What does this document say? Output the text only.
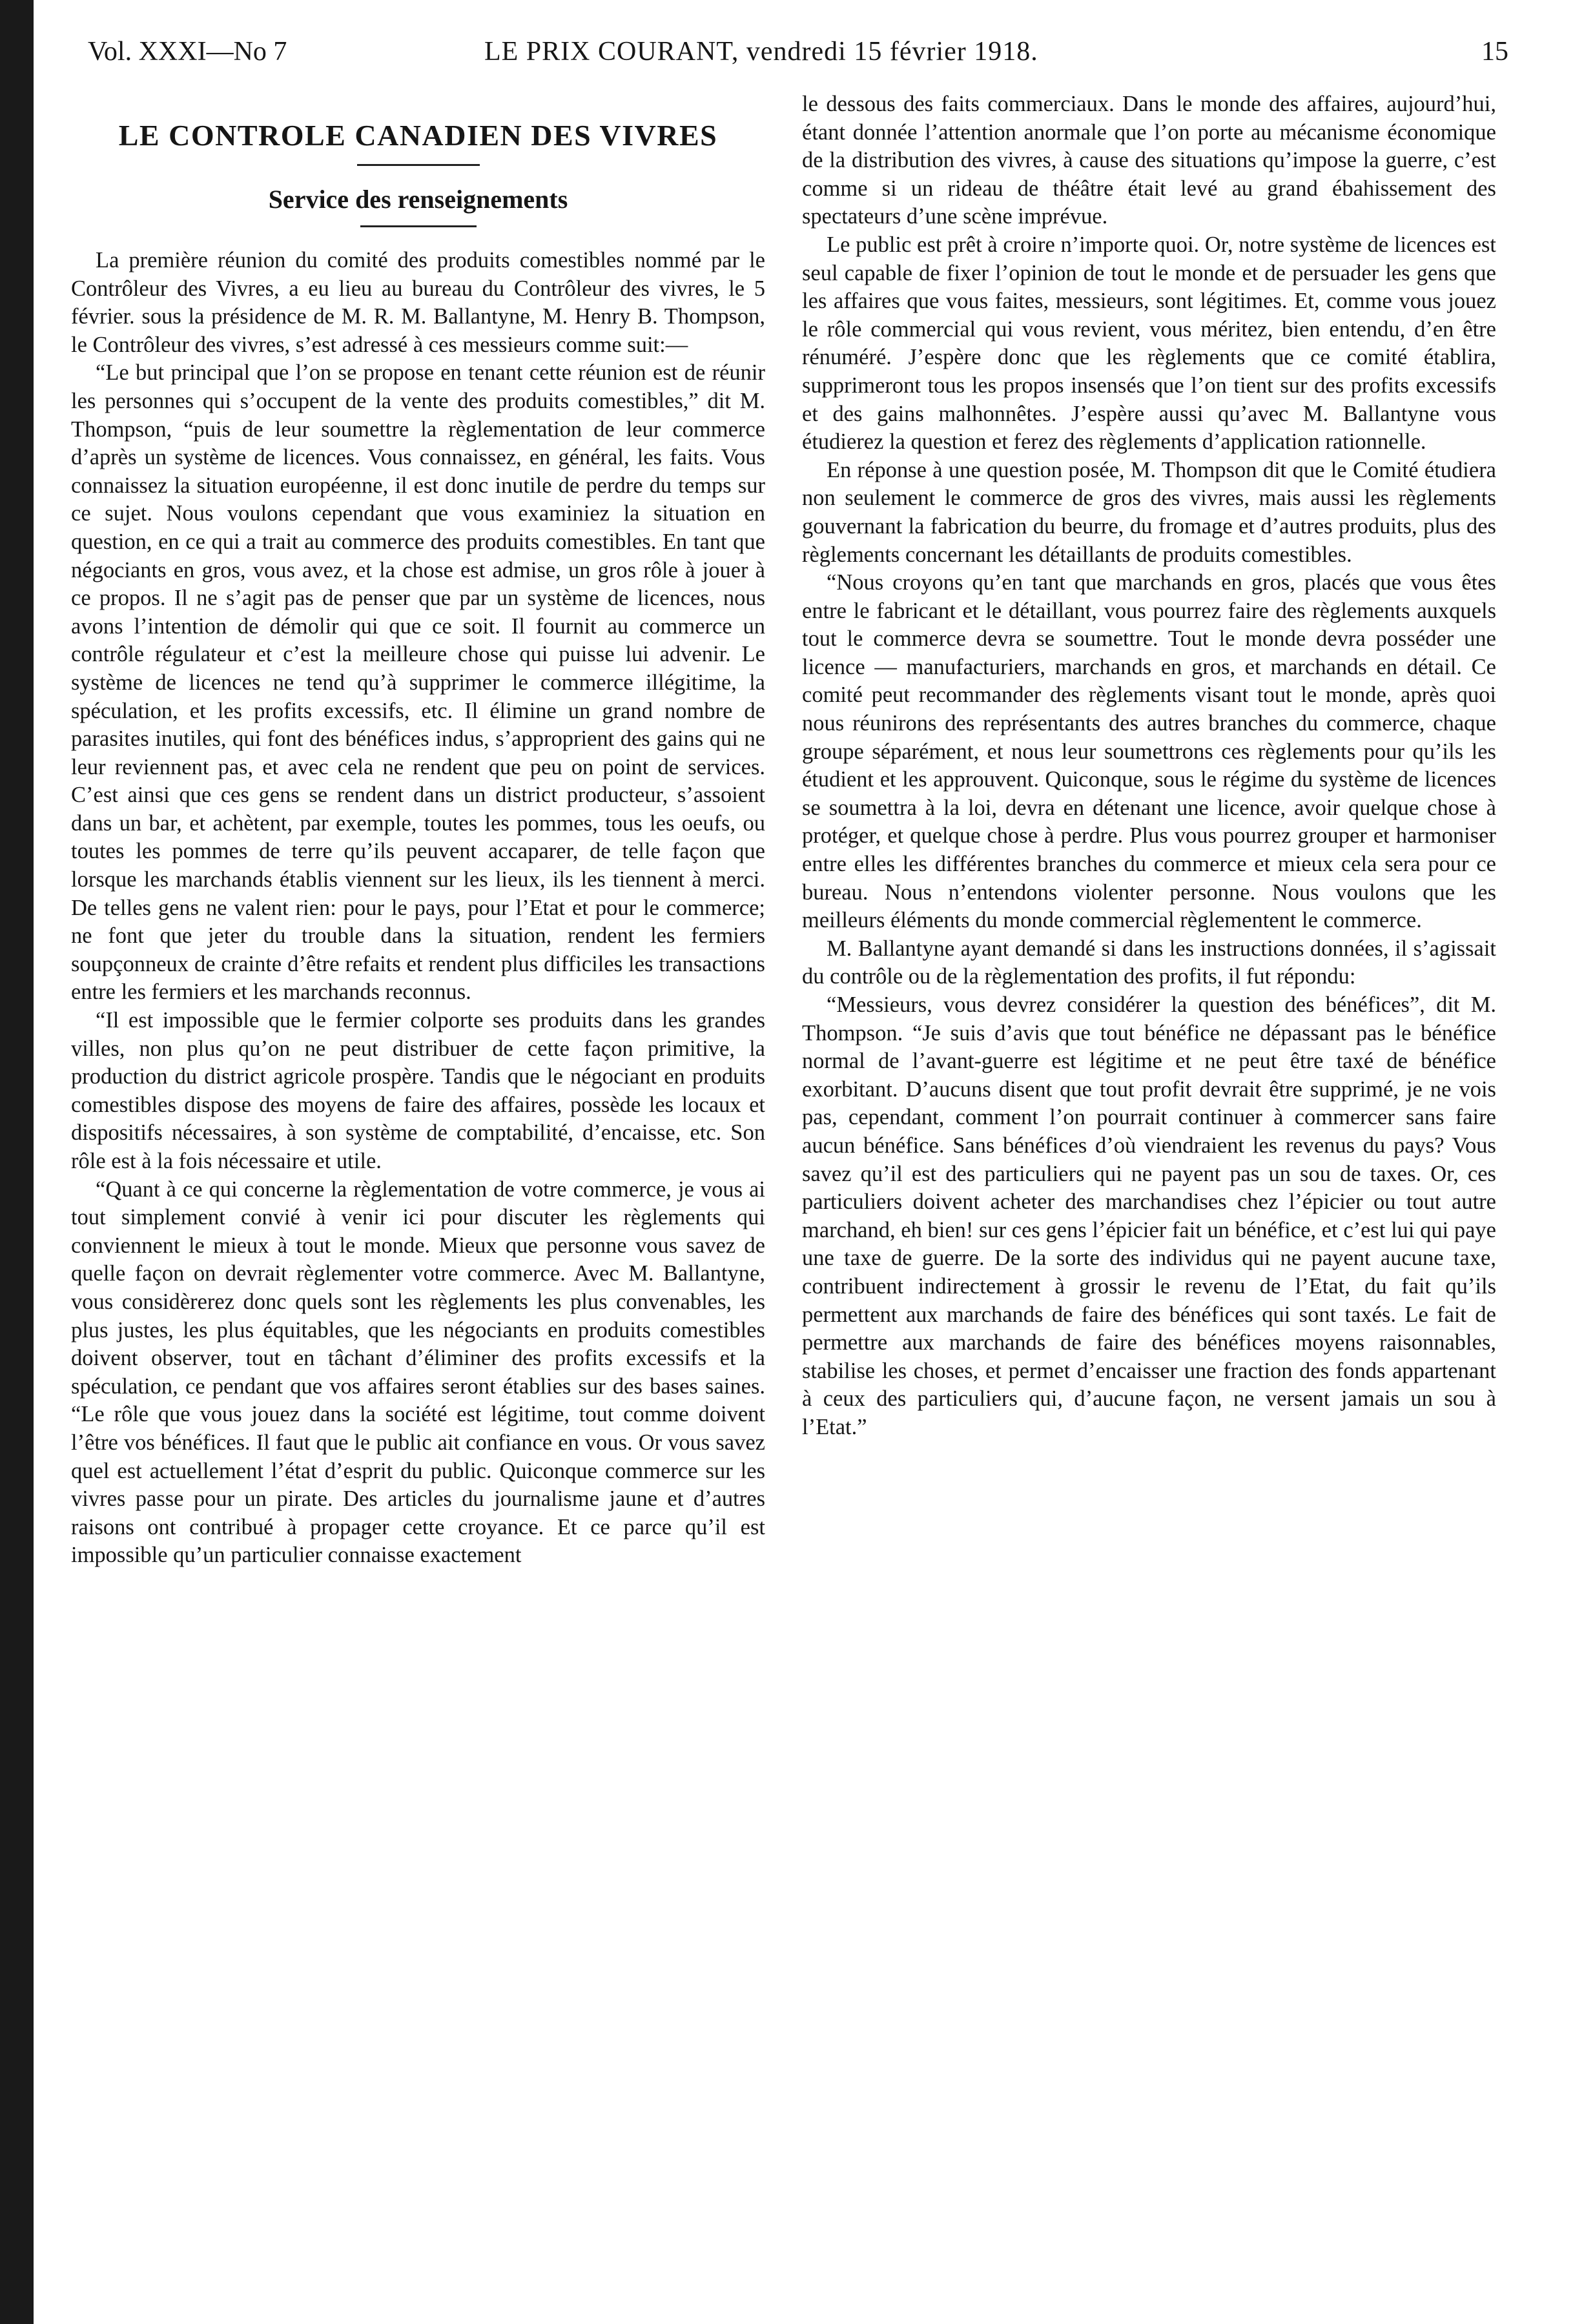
Vol. XXXI—No 7	LE PRIX COURANT, vendredi 15 février 1918.	15
LE CONTROLE CANADIEN DES VIVRES
Service des renseignements

La première réunion du comité des produits comestibles nommé par le Contrôleur des Vivres, a eu lieu au bureau du Contrôleur des vivres, le 5 février. sous la présidence de M. R. M. Ballantyne, M. Henry B. Thompson, le Contrôleur des vivres, s’est adressé à ces messieurs comme suit:—

“Le but principal que l’on se propose en tenant cette réunion est de réunir les personnes qui s’occupent de la vente des produits comestibles,” dit M. Thompson, “puis de leur soumettre la règlementation de leur commerce d’après un système de licences. Vous connaissez, en général, les faits. Vous connaissez la situation européenne, il est donc inutile de perdre du temps sur ce sujet. Nous voulons cependant que vous examiniez la situation en question, en ce qui a trait au commerce des produits comestibles. En tant que négociants en gros, vous avez, et la chose est admise, un gros rôle à jouer à ce propos. Il ne s’agit pas de penser que par un système de licences, nous avons l’intention de démolir qui que ce soit. Il fournit au commerce un contrôle régulateur et c’est la meilleure chose qui puisse lui advenir. Le système de licences ne tend qu’à supprimer le commerce illégitime, la spéculation, et les profits excessifs, etc. Il élimine un grand nombre de parasites inutiles, qui font des bénéfices indus, s’approprient des gains qui ne leur reviennent pas, et avec cela ne rendent que peu on point de services. C’est ainsi que ces gens se rendent dans un district producteur, s’assoient dans un bar, et achètent, par exemple, toutes les pommes, tous les oeufs, ou toutes les pommes de terre qu’ils peuvent accaparer, de telle façon que lorsque les marchands établis viennent sur les lieux, ils les tiennent à merci. De telles gens ne valent rien: pour le pays, pour l’Etat et pour le commerce; ne font que jeter du trouble dans la situation, rendent les fermiers soupçonneux de crainte d’être refaits et rendent plus difficiles les transactions entre les fermiers et les marchands reconnus.

“Il est impossible que le fermier colporte ses produits dans les grandes villes, non plus qu’on ne peut distribuer de cette façon primitive, la production du district agricole prospère. Tandis que le négociant en produits comestibles dispose des moyens de faire des affaires, possède les locaux et dispositifs nécessaires, à son système de comptabilité, d’encaisse, etc. Son rôle est à la fois nécessaire et utile.

“Quant à ce qui concerne la règlementation de votre commerce, je vous ai tout simplement convié à venir ici pour discuter les règlements qui conviennent le mieux à tout le monde. Mieux que personne vous savez de quelle façon on devrait règlementer votre commerce. Avec M. Ballantyne, vous considèrerez donc quels sont les règlements les plus convenables, les plus justes, les plus équitables, que les négociants en produits comestibles doivent observer, tout en tâchant d’éliminer des profits excessifs et la spéculation, ce pendant que vos affaires seront établies sur des bases saines. “Le rôle que vous jouez dans la société est légitime, tout comme doivent l’être vos bénéfices. Il faut que le public ait confiance en vous. Or vous savez quel est actuellement l’état d’esprit du public. Quiconque commerce sur les vivres passe pour un pirate. Des articles du journalisme jaune et d’autres raisons ont contribué à propager cette croyance. Et ce parce qu’il est impossible qu’un particulier connaisse exactement

le dessous des faits commerciaux. Dans le monde des affaires, aujourd’hui, étant donnée l’attention anormale que l’on porte au mécanisme économique de la distribution des vivres, à cause des situations qu’impose la guerre, c’est comme si un rideau de théâtre était levé au grand ébahissement des spectateurs d’une scène imprévue.

Le public est prêt à croire n’importe quoi. Or, notre système de licences est seul capable de fixer l’opinion de tout le monde et de persuader les gens que les affaires que vous faites, messieurs, sont légitimes. Et, comme vous jouez le rôle commercial qui vous revient, vous méritez, bien entendu, d’en être rénuméré. J’espère donc que les règlements que ce comité établira, supprimeront tous les propos insensés que l’on tient sur des profits excessifs et des gains malhonnêtes. J’espère aussi qu’avec M. Ballantyne vous étudierez la question et ferez des règlements d’application rationnelle.

En réponse à une question posée, M. Thompson dit que le Comité étudiera non seulement le commerce de gros des vivres, mais aussi les règlements gouvernant la fabrication du beurre, du fromage et d’autres produits, plus des règlements concernant les détaillants de produits comestibles.

“Nous croyons qu’en tant que marchands en gros, placés que vous êtes entre le fabricant et le détaillant, vous pourrez faire des règlements auxquels tout le commerce devra se soumettre. Tout le monde devra posséder une licence — manufacturiers, marchands en gros, et marchands en détail. Ce comité peut recommander des règlements visant tout le monde, après quoi nous réunirons des représentants des autres branches du commerce, chaque groupe séparément, et nous leur soumettrons ces règlements pour qu’ils les étudient et les approuvent. Quiconque, sous le régime du système de licences se soumettra à la loi, devra en détenant une licence, avoir quelque chose à protéger, et quelque chose à perdre. Plus vous pourrez grouper et harmoniser entre elles les différentes branches du commerce et mieux cela sera pour ce bureau. Nous n’entendons violenter personne. Nous voulons que les meilleurs éléments du monde commercial règlementent le commerce.

M. Ballantyne ayant demandé si dans les instructions données, il s’agissait du contrôle ou de la règlementation des profits, il fut répondu:

“Messieurs, vous devrez considérer la question des bénéfices”, dit M. Thompson. “Je suis d’avis que tout bénéfice ne dépassant pas le bénéfice normal de l’avant-guerre est légitime et ne peut être taxé de bénéfice exorbitant. D’aucuns disent que tout profit devrait être supprimé, je ne vois pas, cependant, comment l’on pourrait continuer à commercer sans faire aucun bénéfice. Sans bénéfices d’où viendraient les revenus du pays? Vous savez qu’il est des particuliers qui ne payent pas un sou de taxes. Or, ces particuliers doivent acheter des marchandises chez l’épicier ou tout autre marchand, eh bien! sur ces gens l’épicier fait un bénéfice, et c’est lui qui paye une taxe de guerre. De la sorte des individus qui ne payent aucune taxe, contribuent indirectement à grossir le revenu de l’Etat, du fait qu’ils permettent aux marchands de faire des bénéfices qui sont taxés. Le fait de permettre aux marchands de faire des bénéfices moyens raisonnables, stabilise les choses, et permet d’encaisser une fraction des fonds appartenant à ceux des particuliers qui, d’aucune façon, ne versent jamais un sou à l’Etat.”
